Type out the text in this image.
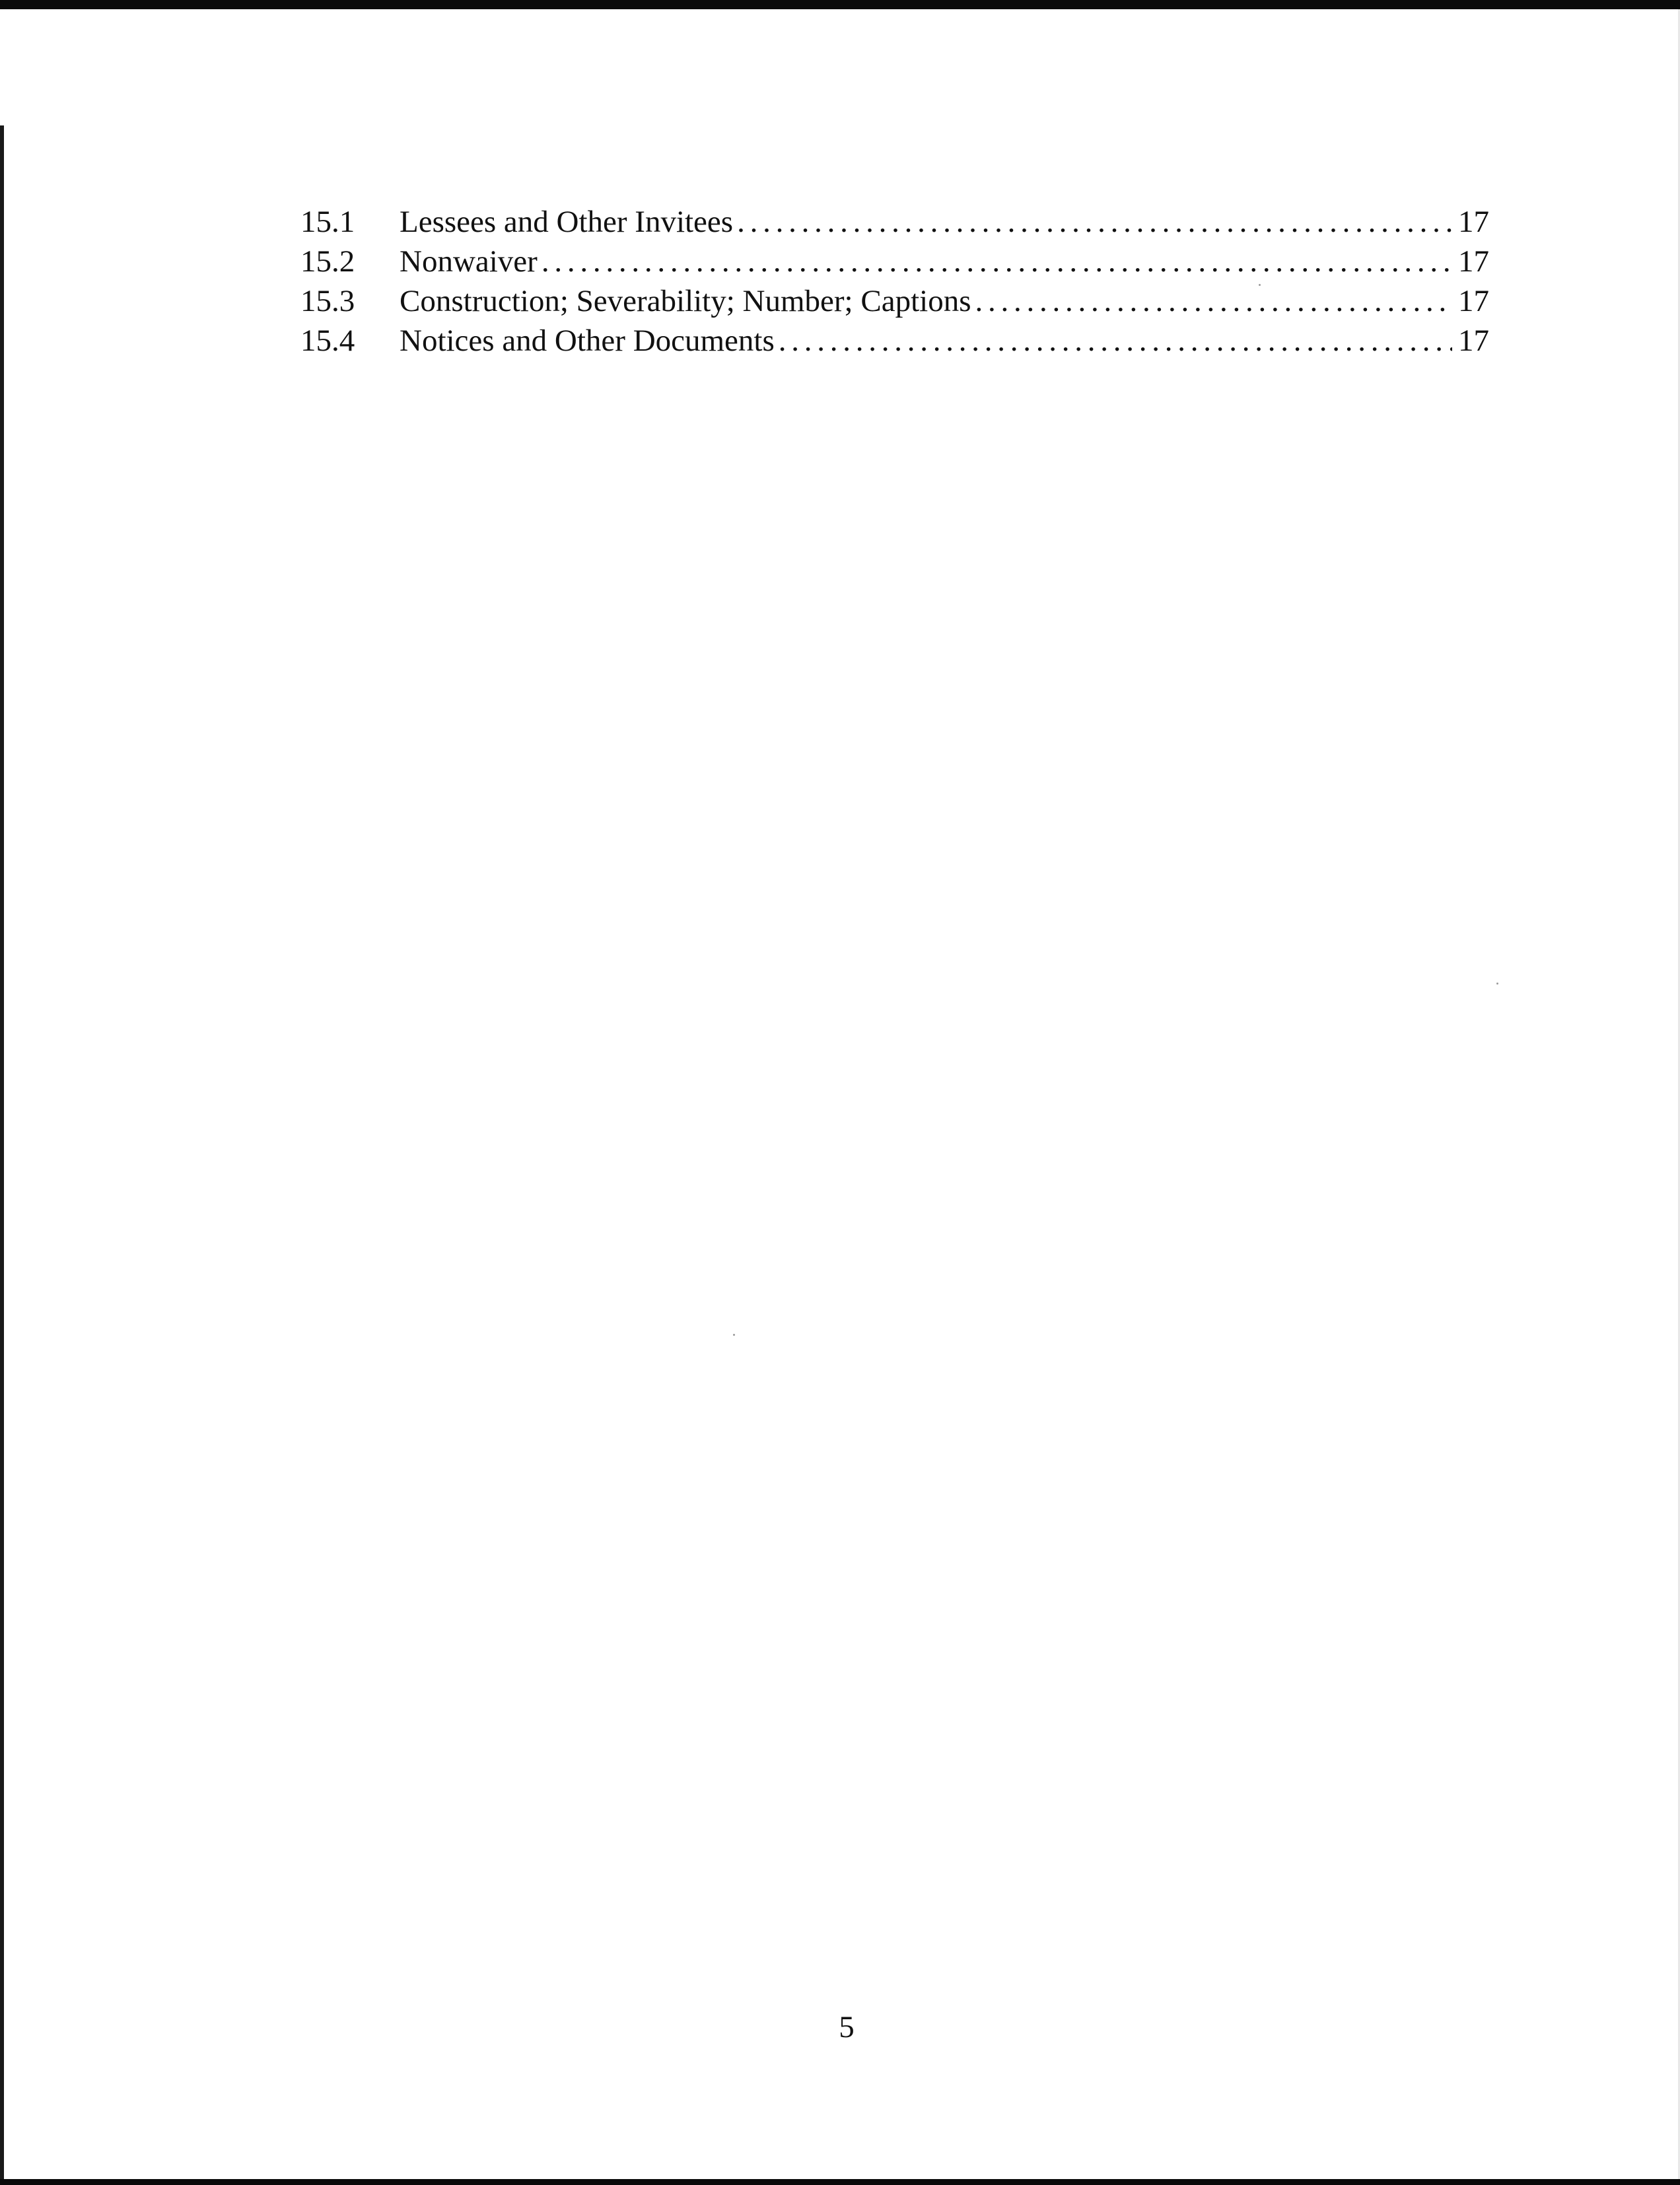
15.1	Lessees and Other Invitees . . .	17
15.2	Nonwaiver . . .	17
15.3	Construction; Severability; Number; Captions . . .	17
15.4	Notices and Other Documents . . .	17
5
